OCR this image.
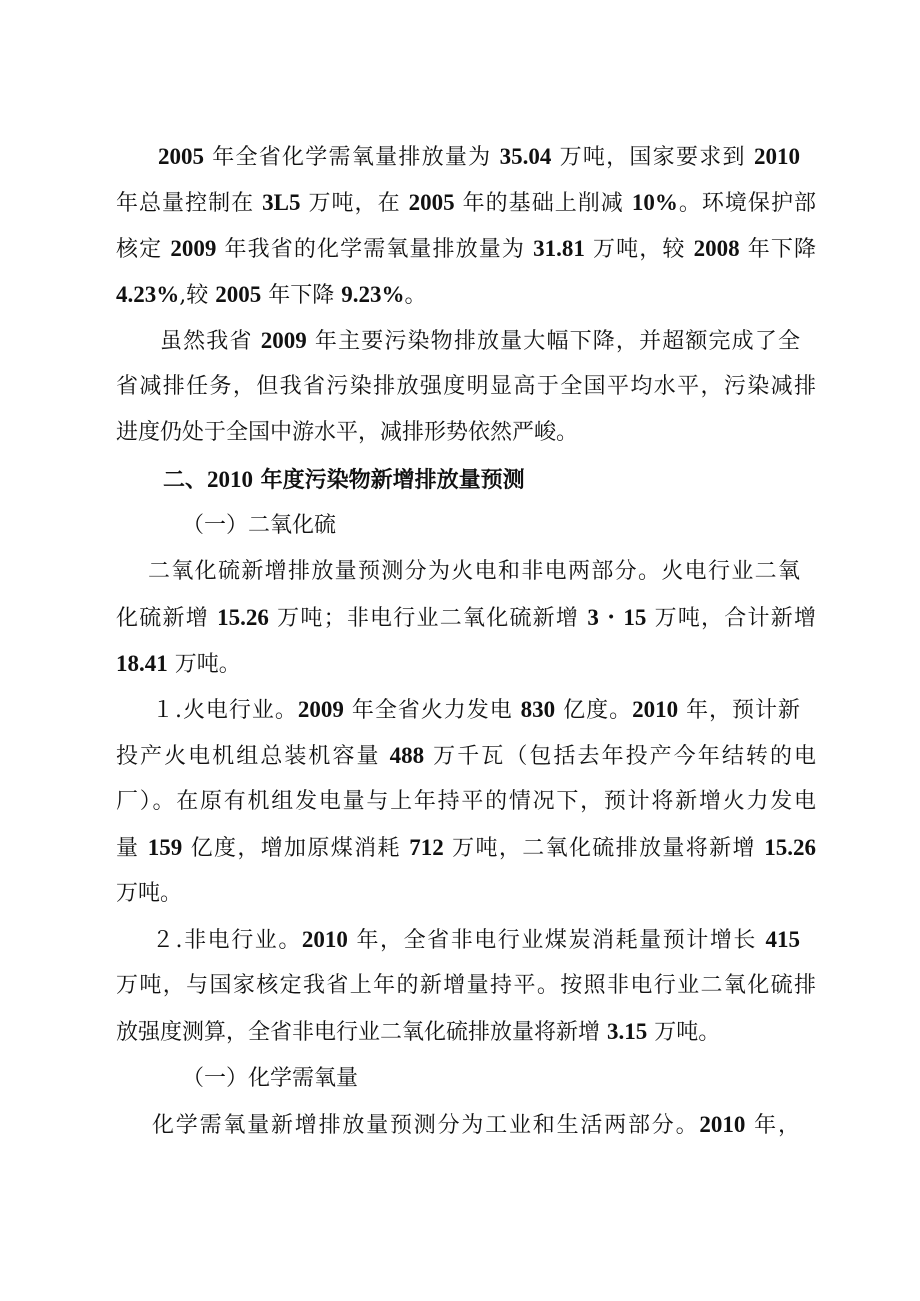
2005 年全省化学需氧量排放量为 35.04 万吨，国家要求到 2010
年总量控制在 3L5 万吨，在 2005 年的基础上削减 10%。环境保护部
核定 2009 年我省的化学需氧量排放量为 31.81 万吨，较 2008 年下降
4.23%,较 2005 年下降 9.23%。
虽然我省 2009 年主要污染物排放量大幅下降，并超额完成了全
省减排任务，但我省污染排放强度明显高于全国平均水平，污染减排
进度仍处于全国中游水平，减排形势依然严峻。
二、2010 年度污染物新增排放量预测
（一）二氧化硫
二氧化硫新增排放量预测分为火电和非电两部分。火电行业二氧
化硫新增 15.26 万吨；非电行业二氧化硫新增 3・15 万吨，合计新增
18.41 万吨。
１.火电行业。2009 年全省火力发电 830 亿度。2010 年，预计新
投产火电机组总装机容量 488 万千瓦（包括去年投产今年结转的电
厂）。在原有机组发电量与上年持平的情况下，预计将新增火力发电
量 159 亿度，增加原煤消耗 712 万吨，二氧化硫排放量将新增 15.26
万吨。
２.非电行业。2010 年，全省非电行业煤炭消耗量预计增长 415
万吨，与国家核定我省上年的新增量持平。按照非电行业二氧化硫排
放强度测算，全省非电行业二氧化硫排放量将新增 3.15 万吨。
（一）化学需氧量
化学需氧量新增排放量预测分为工业和生活两部分。2010 年，
